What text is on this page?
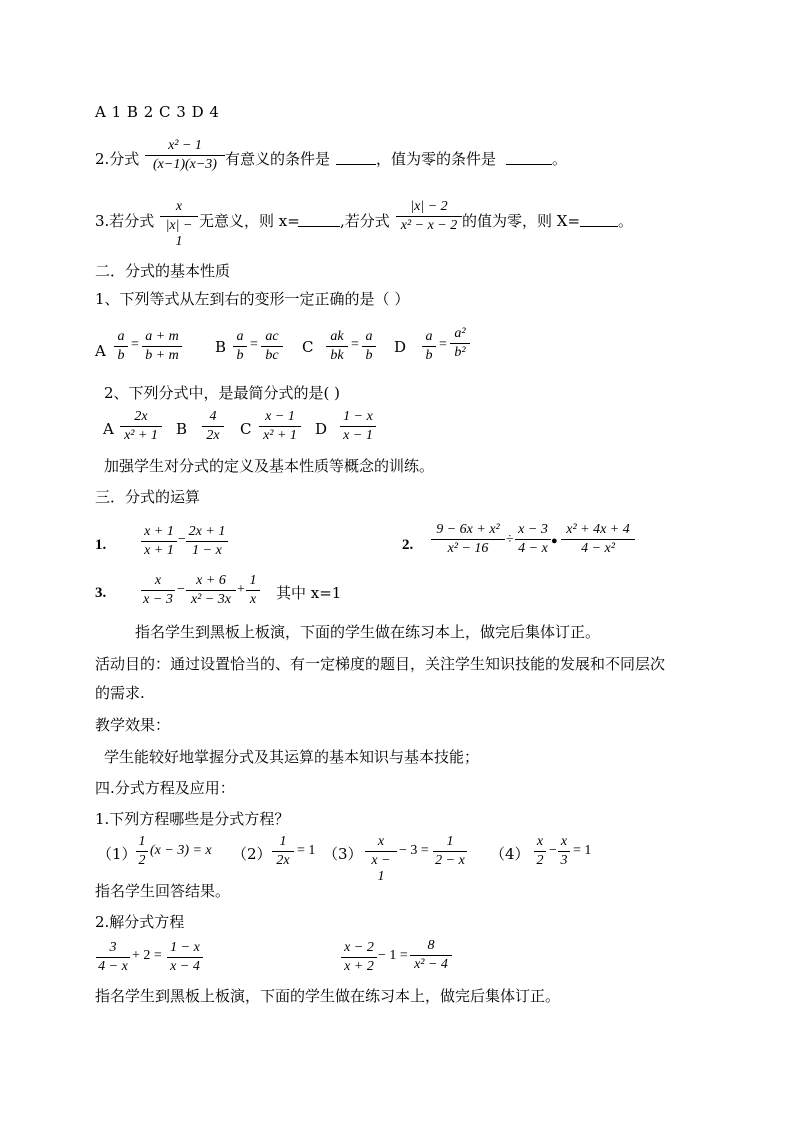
A 1 B 2 C 3 D 4
2.分式
x² − 1
(x−1)(x−3) 有意义的条件是	，值为零的条件是	。
3.若分式
x
|x| − 1
无意义，则 x=	,若分式
|x| − 2
x² − x − 2 的值为零，则 X=	。
二．分式的基本性质
1、下列等式从左到右的变形一定正确的是（ ）
A
a
b
=
a + m
b + m B
a
b
=
ac
bc C
ak
bk
=
a
b D
a
b
=
a²
b²
2、下列分式中，是最简分式的是( )
A
2x
x² + 1 B
4
2x C
x − 1
x² + 1 D
1 − x
x − 1
加强学生对分式的定义及基本性质等概念的训练。
三．分式的运算
1.
x + 1
x + 1
−
2x + 1
1 − x	2.
9 − 6x + x²
x² − 16
÷
x − 3
4 − x ●
x² + 4x + 4
4 − x²
3.
x
x − 3
−
x + 6
x² − 3x
+
1
x 其中 x=1
指名学生到黑板上板演，下面的学生做在练习本上，做完后集体订正。
活动目的：通过设置恰当的、有一定梯度的题目，关注学生知识技能的发展和不同层次
的需求.
教学效果：
学生能较好地掌握分式及其运算的基本知识与基本技能；
四.分式方程及应用：
1.下列方程哪些是分式方程？
（1）
1
2
(x − 3) = x （2）
1
2x
= 1 （3）
x
x − 1
− 3 =
1
2 − x （4）
x
2
−
x
3
= 1
指名学生回答结果。
2.解分式方程
3
4 − x
+ 2 =
1 − x
x − 4
x − 2
x + 2
− 1 =
8
x² − 4
指名学生到黑板上板演，下面的学生做在练习本上，做完后集体订正。
